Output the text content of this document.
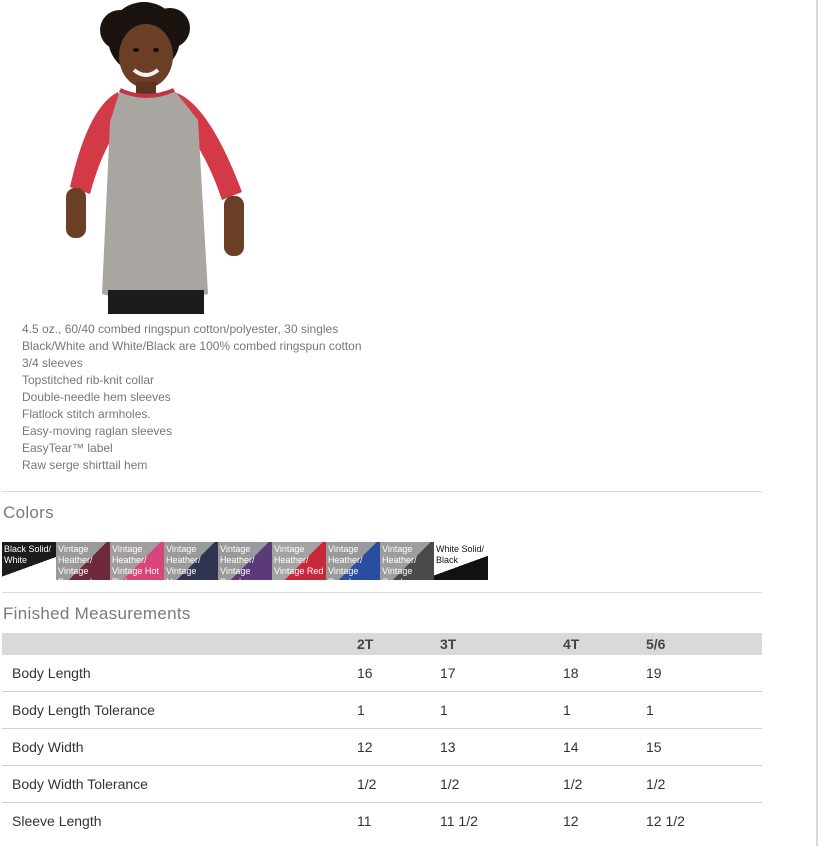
4.5 oz., 60/40 combed ringspun cotton/polyester, 30 singles
Black/White and White/Black are 100% combed ringspun cotton
3/4 sleeves
Topstitched rib-knit collar
Double-needle hem sleeves
Flatlock stitch armholes.
Easy-moving raglan sleeves
EasyTear™ label
Raw serge shirttail hem
Colors
Black Solid/ White
Vintage Heather/ Vintage Burgundy
Vintage Heather/ Vintage Hot Pink
Vintage Heather/ Vintage Navy
Vintage Heather/ Vintage Purple
Vintage Heather/ Vintage Red
Vintage Heather/ Vintage Royal
Vintage Heather/ Vintage Smoke
White Solid/ Black
Finished Measurements
	2T	3T	4T	5/6
Body Length	16	17	18	19
Body Length Tolerance	1	1	1	1
Body Width	12	13	14	15
Body Width Tolerance	1/2	1/2	1/2	1/2
Sleeve Length	11	11 1/2	12	12 1/2
